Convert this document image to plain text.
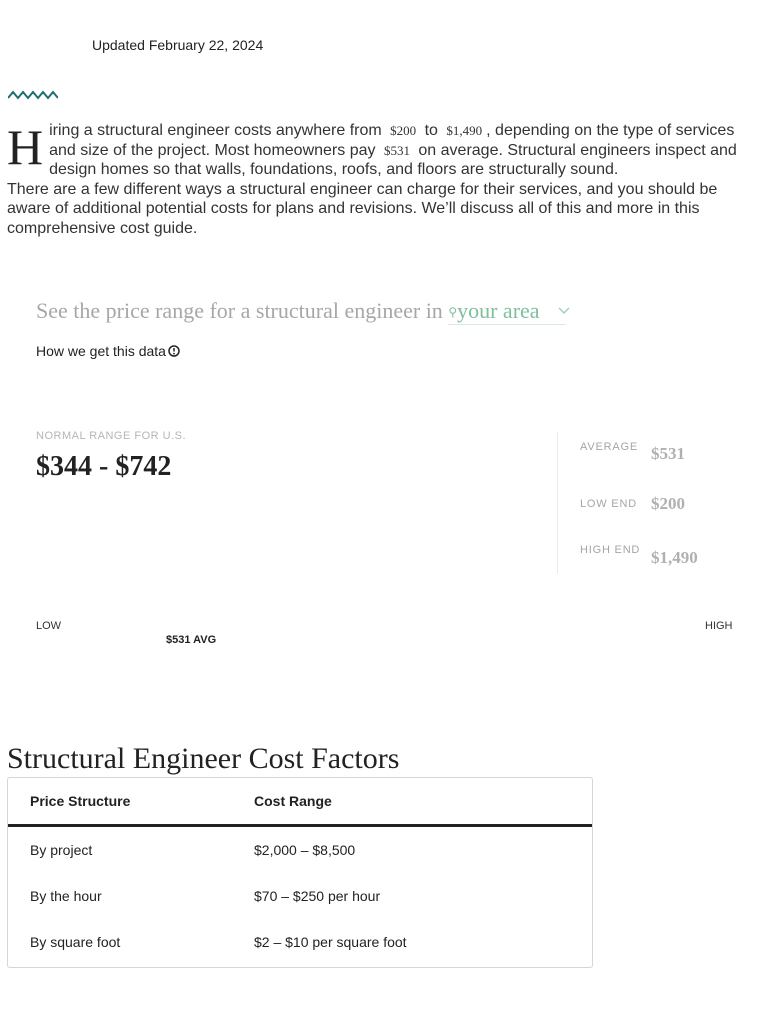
Updated February 22, 2024

H iring a structural engineer costs anywhere from $200 to $1,490 , depending on the type of services and size of the project. Most homeowners pay $531 on average. Structural engineers inspect and design homes so that walls, foundations, roofs, and floors are structurally sound.

There are a few different ways a structural engineer can charge for their services, and you should be aware of additional potential costs for plans and revisions. We’ll discuss all of this and more in this comprehensive cost guide.

See the price range for a structural engineer in ⚲your area
How we get this data
NORMAL RANGE FOR U.S.
$344 - $742
AVERAGE $531
LOW END $200
HIGH END $1,490
LOW	HIGH
$531 AVG
Structural Engineer Cost Factors
Price Structure	Cost Range
By project	$2,000 – $8,500
By the hour	$70 – $250 per hour
By square foot	$2 – $10 per square foot
